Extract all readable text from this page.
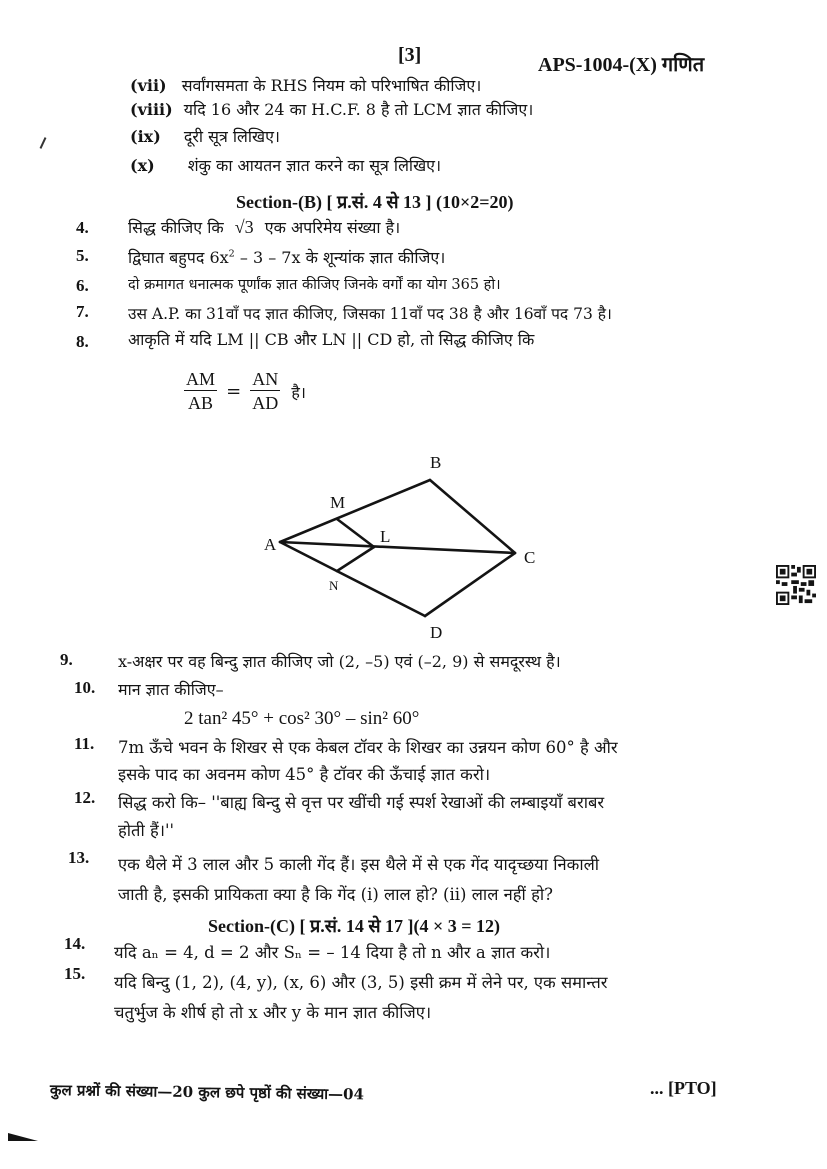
[3]	APS-1004-(X) गणित
(vii) सर्वांगसमता के RHS नियम को परिभाषित कीजिए।
(viii) यदि 16 और 24 का H.C.F. 8 है तो LCM ज्ञात कीजिए।
(ix) दूरी सूत्र लिखिए।
(x) शंकु का आयतन ज्ञात करने का सूत्र लिखिए।
Section-(B) [ प्र.सं. 4 से 13 ] (10×2=20)
4. सिद्ध कीजिए कि √3 एक अपरिमेय संख्या है।
5. द्विघात बहुपद $6x^2 - 3 - 7x$ के शून्यांक ज्ञात कीजिए।
6.	दो क्रमागत धनात्मक पूर्णांक ज्ञात कीजिए जिनके वर्गों का योग 365 हो।
7.	उस A.P. का 31वाँ पद ज्ञात कीजिए, जिसका 11वाँ पद 38 है और 16वाँ पद 73 है।
8. आकृति में यदि LM || CB और LN || CD हो, तो सिद्ध कीजिए कि
$\frac{AM}{AB} = \frac{AN}{AD}$ है।
B
M
A	L
C
N
D
9.	x-अक्षर पर वह बिन्दु ज्ञात कीजिए जो (2, –5) एवं (–2, 9) से समदूरस्थ है।
10. मान ज्ञात कीजिए–
2 tan² 45° + cos² 30° – sin² 60°
11. 7m ऊँचे भवन के शिखर से एक केबल टॉवर के शिखर का उन्नयन कोण 60° है और
इसके पाद का अवनम कोण 45° है टॉवर की ऊँचाई ज्ञात करो।
12. सिद्ध करो कि– ''बाह्य बिन्दु से वृत्त पर खींची गई स्पर्श रेखाओं की लम्बाइयाँ बराबर
होती हैं।''
13. एक थैले में 3 लाल और 5 काली गेंद हैं। इस थैले में से एक गेंद यादृच्छया निकाली
जाती है, इसकी प्रायिकता क्या है कि गेंद (i) लाल हो? (ii) लाल नहीं हो?
Section-(C) [ प्र.सं. 14 से 17 ](4 × 3 = 12)
14. यदि aₙ = 4, d = 2 और Sₙ = – 14 दिया है तो n और a ज्ञात करो।
15. यदि बिन्दु (1, 2), (4, y), (x, 6) और (3, 5) इसी क्रम में लेने पर, एक समान्तर
चतुर्भुज के शीर्ष हो तो x और y के मान ज्ञात कीजिए।
कुल प्रश्नों की संख्या—20 कुल छपे पृष्ठों की संख्या—04	... [PTO]
